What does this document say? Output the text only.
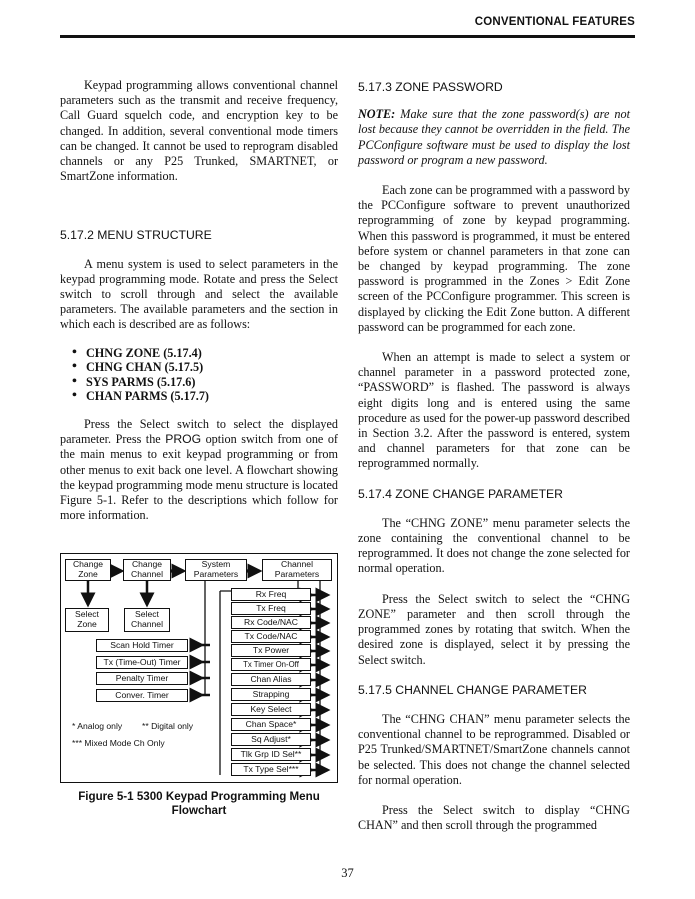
CONVENTIONAL FEATURES

Keypad programming allows conventional channel parameters such as the transmit and receive frequency, Call Guard squelch code, and encryption key to be changed. In addition, several conventional mode timers can be changed. It cannot be used to reprogram disabled channels or any P25 Trunked, SMARTNET, or SmartZone information.

5.17.2 MENU STRUCTURE

A menu system is used to select parameters in the keypad programming mode. Rotate and press the Select switch to scroll through and select the available parameters. The available parameters and the section in which each is described are as follows:

• CHNG ZONE (5.17.4)
• CHNG CHAN (5.17.5)
• SYS PARMS (5.17.6)
• CHAN PARMS (5.17.7)

Press the Select switch to select the displayed parameter. Press the PROG option switch from one of the main menus to exit keypad programming or from other menus to exit back one level. A flowchart showing the keypad programming mode menu structure is located Figure 5-1. Refer to the descriptions which follow for more information.

Change Zone
Change Channel
System Parameters
Channel Parameters
Select Zone
Select Channel
Scan Hold Timer
Tx (Time-Out) Timer
Penalty Timer
Conver. Timer
Rx Freq
Tx Freq
Rx Code/NAC
Tx Code/NAC
Tx Power
Tx Timer On-Off
Chan Alias
Strapping
Key Select
Chan Space*
Sq Adjust*
Tlk Grp ID Sel**
Tx Type Sel***
* Analog only ** Digital only
*** Mixed Mode Ch Only
Figure 5-1 5300 Keypad Programming Menu
Flowchart
5.17.3 ZONE PASSWORD

NOTE: Make sure that the zone password(s) are not lost because they cannot be overridden in the field. The PCConfigure software must be used to display the lost password or program a new password.

Each zone can be programmed with a password by the PCConfigure software to prevent unauthorized reprogramming of zone by keypad programming. When this password is programmed, it must be entered before system or channel parameters in that zone can be changed by keypad programming. The zone password is programmed in the Zones > Edit Zone screen of the PCConfigure programmer. This screen is displayed by clicking the Edit Zone button. A different password can be programmed for each zone.

When an attempt is made to select a system or channel parameter in a password protected zone, “PASSWORD” is flashed. The password is always eight digits long and is entered using the same procedure as used for the power-up password described in Section 3.2. After the password is entered, system and channel parameters for that zone can be reprogrammed normally.

5.17.4 ZONE CHANGE PARAMETER

The “CHNG ZONE” menu parameter selects the zone containing the conventional channel to be reprogrammed. It does not change the zone selected for normal operation.

Press the Select switch to select the “CHNG ZONE” parameter and then scroll through the programmed zones by rotating that switch. When the desired zone is displayed, select it by pressing the Select switch.

5.17.5 CHANNEL CHANGE PARAMETER

The “CHNG CHAN” menu parameter selects the conventional channel to be reprogrammed. Disabled or P25 Trunked/SMARTNET/SmartZone channels cannot be selected. This does not change the channel selected for normal operation.

Press the Select switch to display “CHNG CHAN” and then scroll through the programmed

37
